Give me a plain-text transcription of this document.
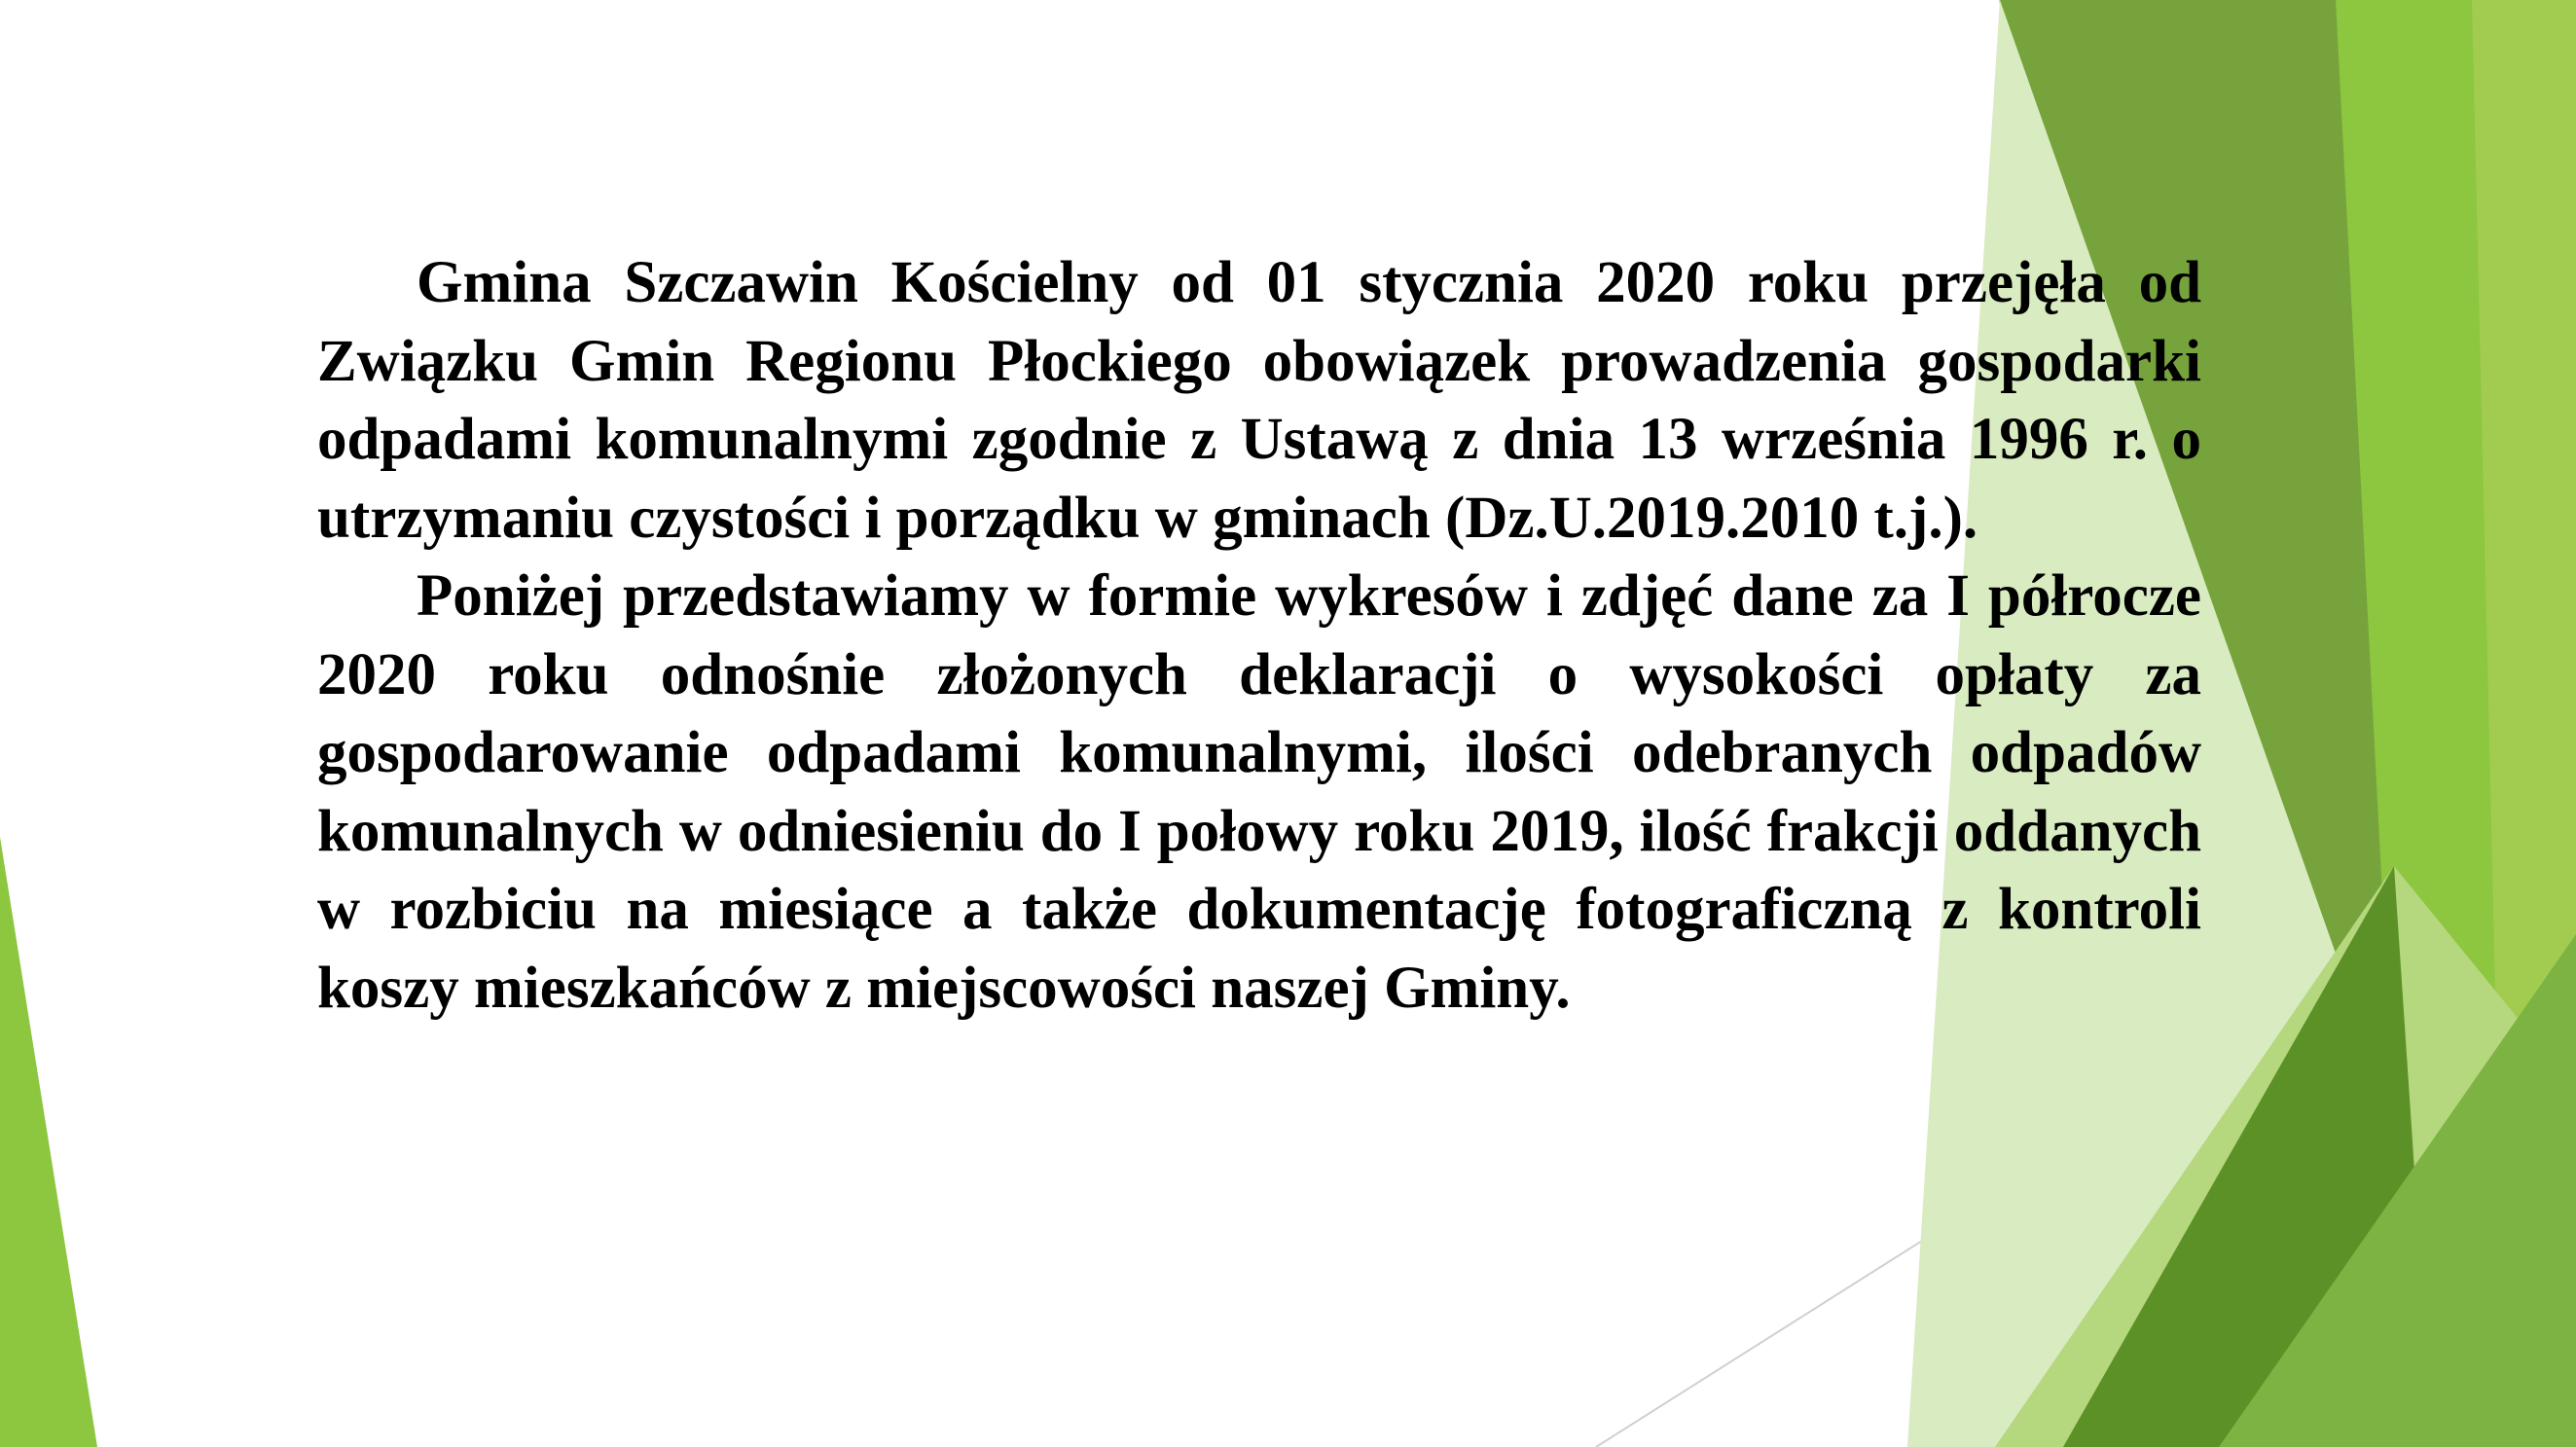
Gmina Szczawin Kościelny od 01 stycznia 2020 roku przejęła od Związku Gmin Regionu Płockiego obowiązek prowadzenia gospodarki odpadami komunalnymi zgodnie z Ustawą z dnia 13 września 1996 r. o utrzymaniu czystości i porządku w gminach (Dz.U.2019.2010 t.j.).

Poniżej przedstawiamy w formie wykresów i zdjęć dane za I półrocze 2020 roku odnośnie złożonych deklaracji o wysokości opłaty za gospodarowanie odpadami komunalnymi, ilości odebranych odpadów komunalnych w odniesieniu do I połowy roku 2019, ilość frakcji oddanych w rozbiciu na miesiące a także dokumentację fotograficzną z kontroli koszy mieszkańców z miejscowości naszej Gminy.
